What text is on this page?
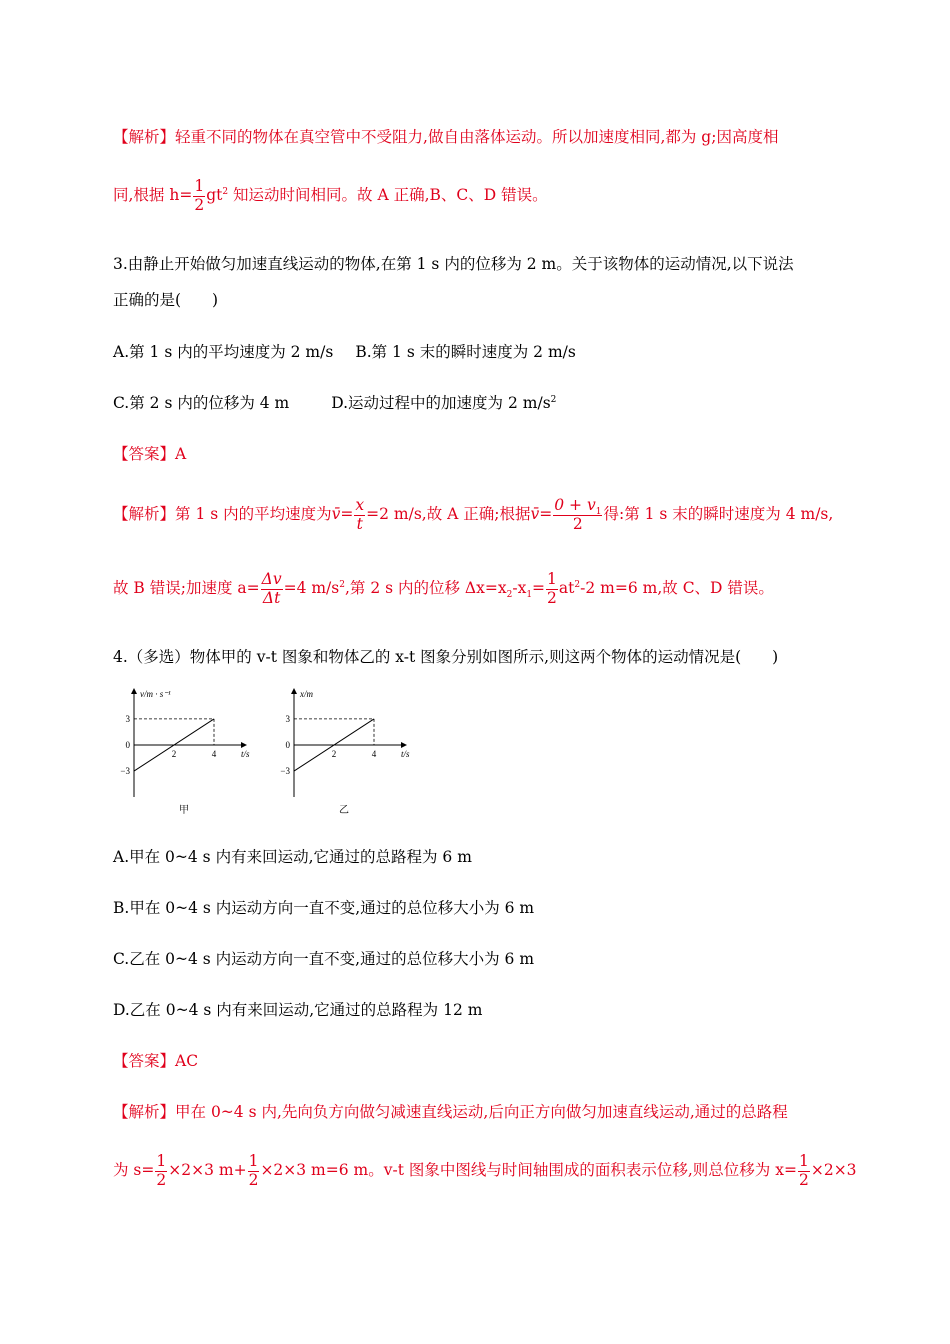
【解析】轻重不同的物体在真空管中不受阻力,做自由落体运动。所以加速度相同,都为 g;因高度相
同,根据 $h= \frac{1}{2} gt^2$ 知运动时间相同。故 A 正确,B、C、D 错误。
3.由静止开始做匀加速直线运动的物体,在第 1 s 内的位移为 2 m。关于该物体的运动情况,以下说法
正确的是(　　)
A.第 1 s 内的平均速度为 2 m/s B.第 1 s 末的瞬时速度为 2 m/s
C.第 2 s 内的位移为 4 m	D.运动过程中的加速度为 2 $m/s^2$
【答案】A
【解析】第 1 s 内的平均速度为v̄= $\frac{x}{t} =2$ m/s,故 A 正确;根据v̄= $\frac{0 + v_1}{2}$ 得:第 1 s 末的瞬时速度为 4 m/s,
故 B 错误;加速度 $a= \frac{\Delta v}{\Delta t} =4$ $m/s^2$,第 2 s 内的位移 $\Delta x=x_2-x_1= \frac{1}{2} at^2-2$ m=6 m,故 C、D 错误。
4.（多选）物体甲的 v-t 图象和物体乙的 x-t 图象分别如图所示,则这两个物体的运动情况是(　　)
v/m · s⁻¹
t/s
3
0
−3
2	4
甲
x/m
t/s
3
0
−3
2	4
乙
A.甲在 0~4 s 内有来回运动,它通过的总路程为 6 m
B.甲在 0~4 s 内运动方向一直不变,通过的总位移大小为 6 m
C.乙在 0~4 s 内运动方向一直不变,通过的总位移大小为 6 m
D.乙在 0~4 s 内有来回运动,它通过的总路程为 12 m
【答案】AC
【解析】甲在 0~4 s 内,先向负方向做匀减速直线运动,后向正方向做匀加速直线运动,通过的总路程
为 $s= \frac{1}{2} \times 2\times 3$ $m+ \frac{1}{2} \times 2\times 3$ m=6 m。v-t 图象中图线与时间轴围成的面积表示位移,则总位移为 $x= \frac{1}{2} \times 2\times 3$
